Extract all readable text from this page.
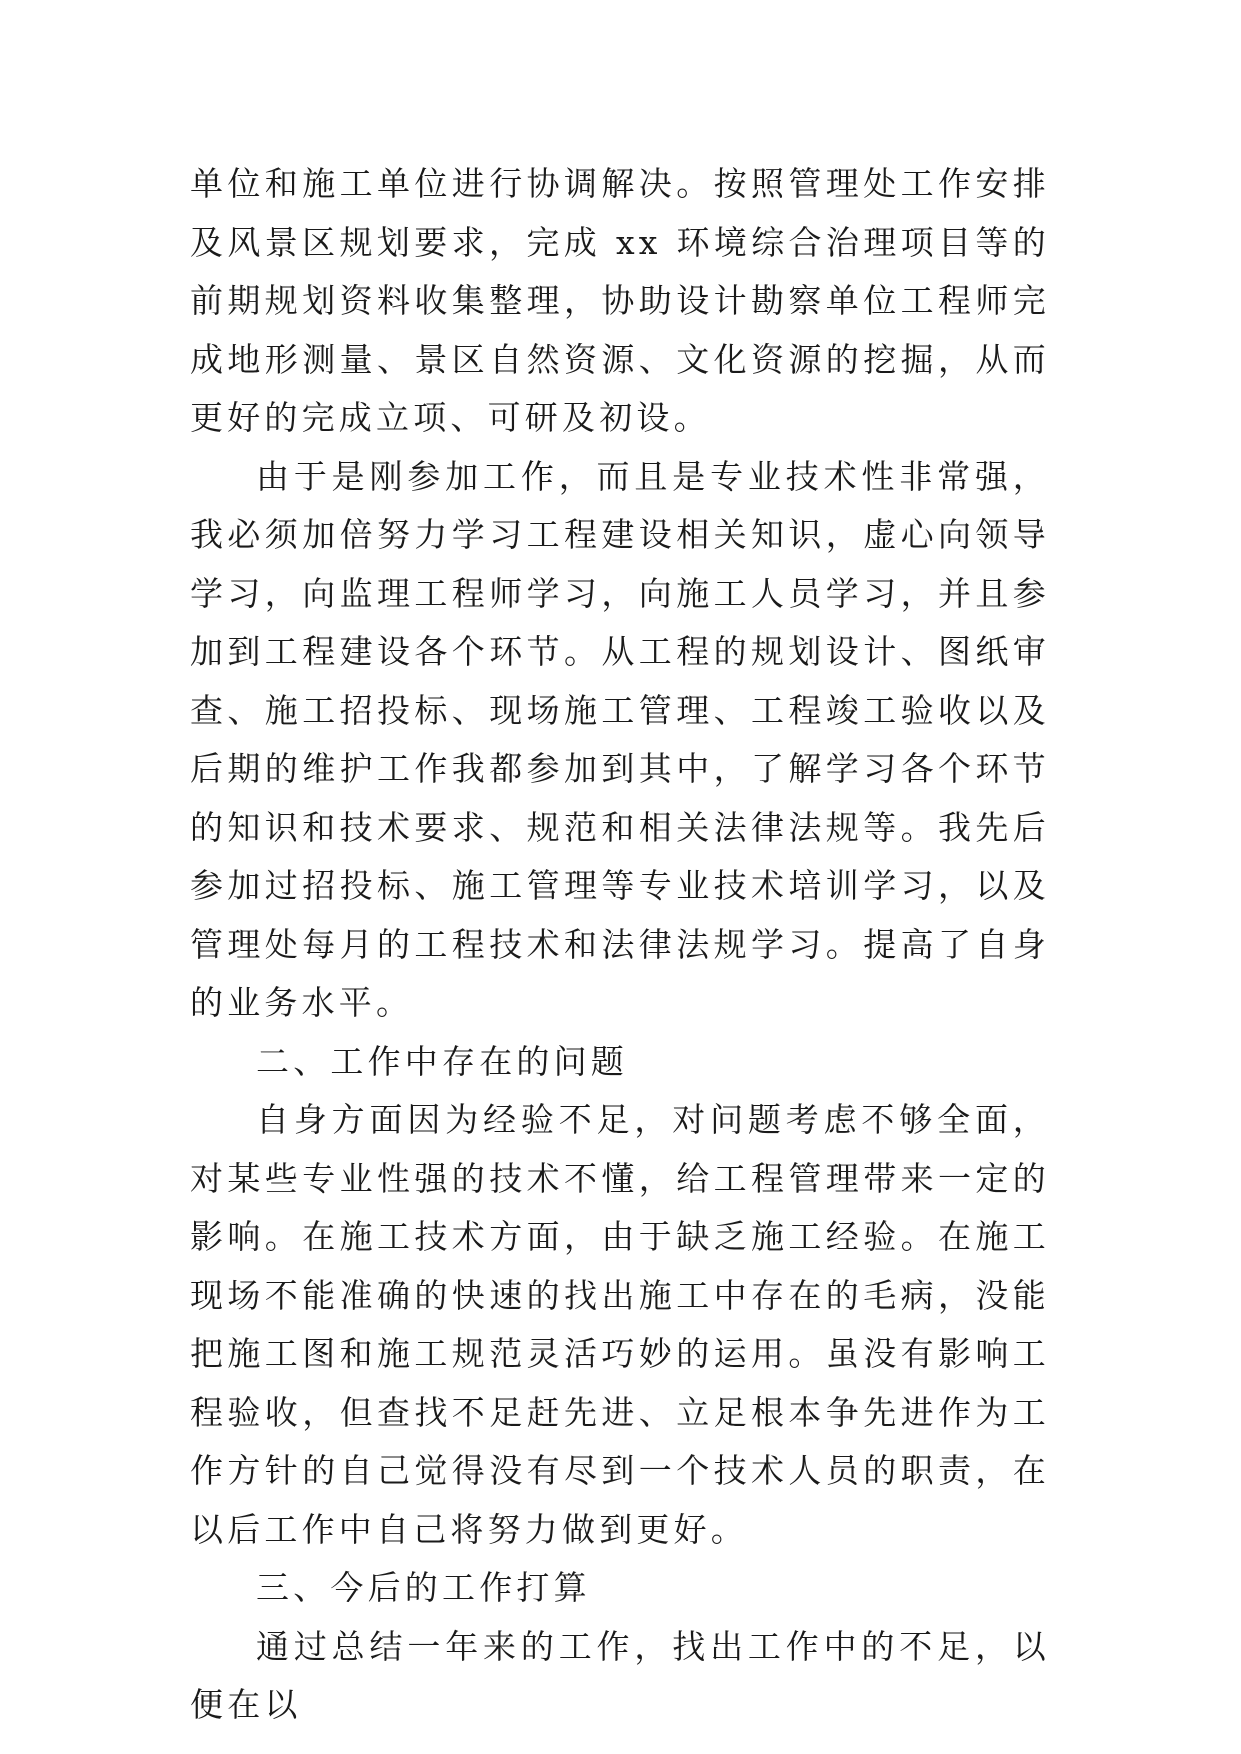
单位和施工单位进行协调解决。按照管理处工作安排及风景区规划要求，完成 xx 环境综合治理项目等的前期规划资料收集整理，协助设计勘察单位工程师完成地形测量、景区自然资源、文化资源的挖掘，从而更好的完成立项、可研及初设。

由于是刚参加工作，而且是专业技术性非常强，我必须加倍努力学习工程建设相关知识，虚心向领导学习，向监理工程师学习，向施工人员学习，并且参加到工程建设各个环节。从工程的规划设计、图纸审查、施工招投标、现场施工管理、工程竣工验收以及后期的维护工作我都参加到其中，了解学习各个环节的知识和技术要求、规范和相关法律法规等。我先后参加过招投标、施工管理等专业技术培训学习，以及管理处每月的工程技术和法律法规学习。提高了自身的业务水平。

二、工作中存在的问题

自身方面因为经验不足，对问题考虑不够全面，对某些专业性强的技术不懂，给工程管理带来一定的影响。在施工技术方面，由于缺乏施工经验。在施工现场不能准确的快速的找出施工中存在的毛病，没能把施工图和施工规范灵活巧妙的运用。虽没有影响工程验收，但查找不足赶先进、立足根本争先进作为工作方针的自己觉得没有尽到一个技术人员的职责，在以后工作中自己将努力做到更好。

三、今后的工作打算

通过总结一年来的工作，找出工作中的不足，以便在以
